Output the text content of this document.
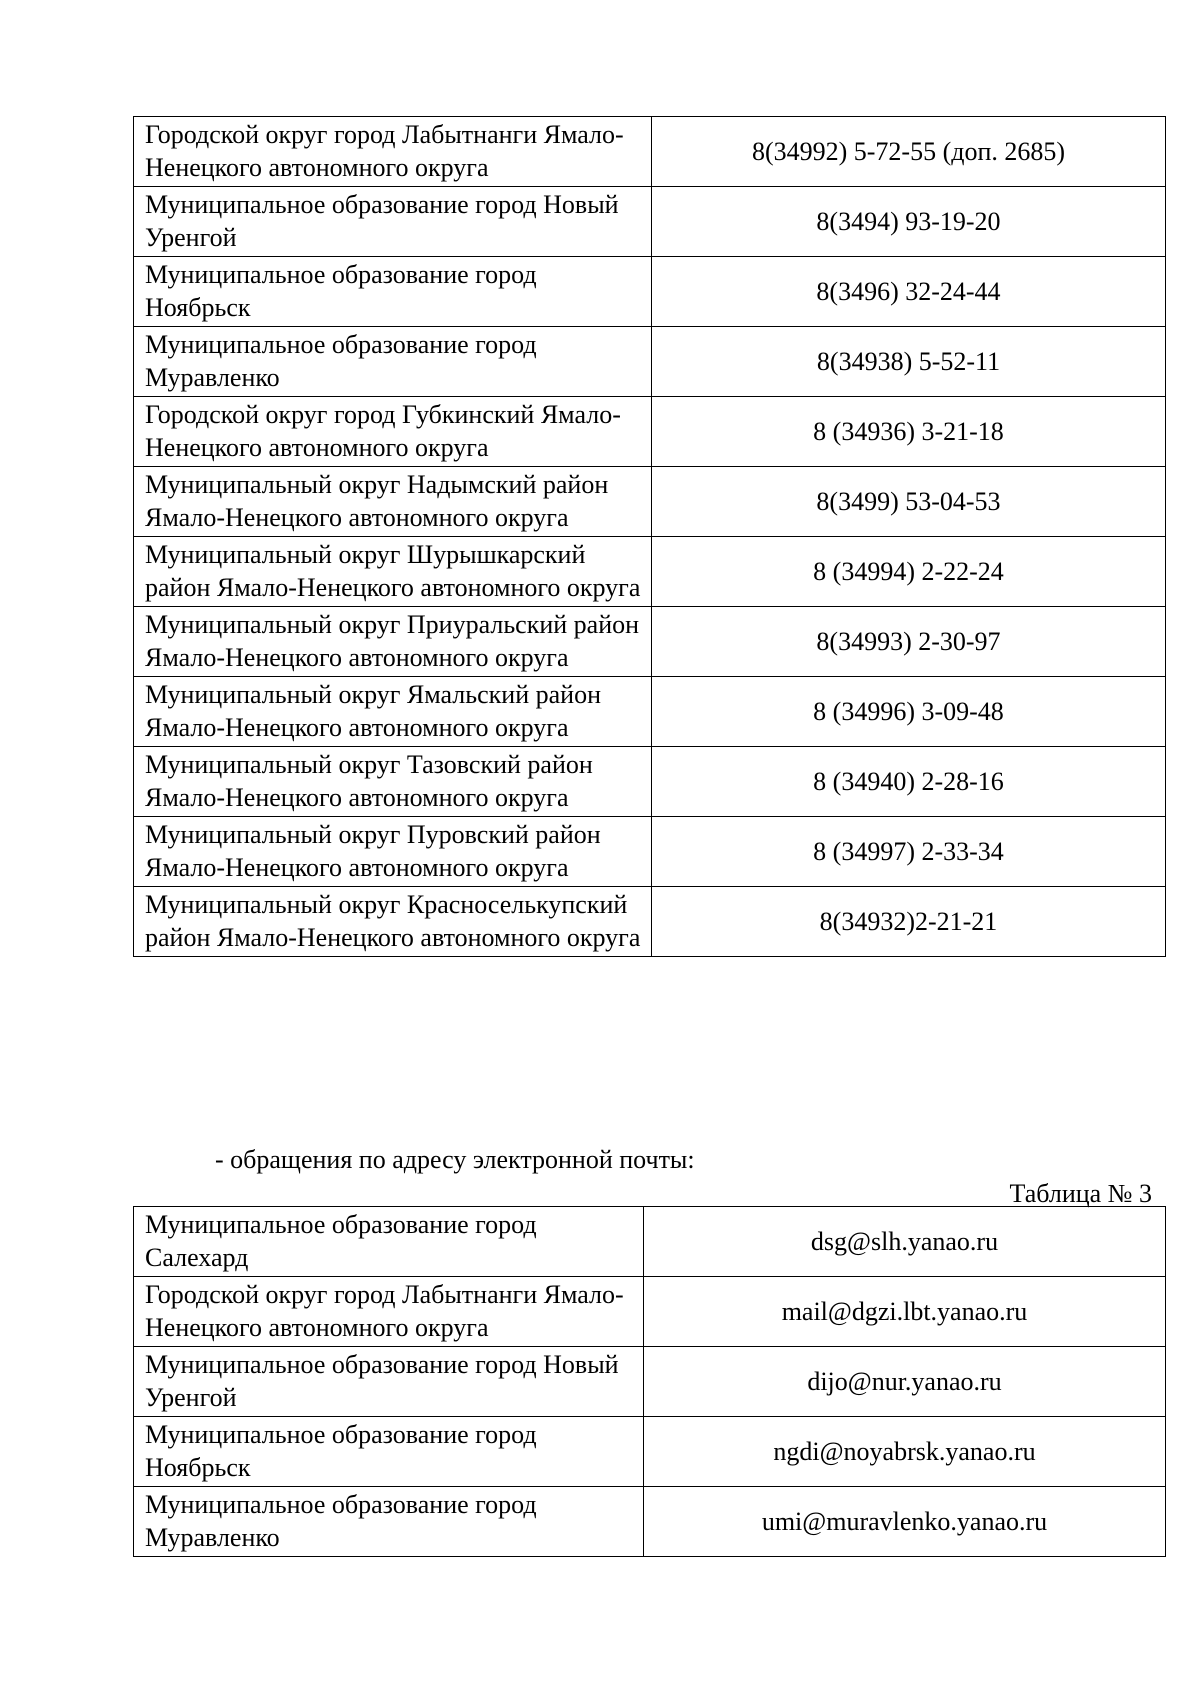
Городской округ город Лабытнанги Ямало-Ненецкого автономного округа	8(34992) 5-72-55 (доп. 2685)
Муниципальное образование город Новый Уренгой	8(3494) 93-19-20
Муниципальное образование город Ноябрьск	8(3496) 32-24-44
Муниципальное образование город Муравленко	8(34938) 5-52-11
Городской округ город Губкинский Ямало-Ненецкого автономного округа	8 (34936) 3-21-18
Муниципальный округ Надымский район Ямало-Ненецкого автономного округа	8(3499) 53-04-53
Муниципальный округ Шурышкарский район Ямало-Ненецкого автономного округа	8 (34994) 2-22-24
Муниципальный округ Приуральский район Ямало-Ненецкого автономного округа	8(34993) 2-30-97
Муниципальный округ Ямальский район Ямало-Ненецкого автономного округа	8 (34996) 3-09-48
Муниципальный округ Тазовский район Ямало-Ненецкого автономного округа	8 (34940) 2-28-16
Муниципальный округ Пуровский район Ямало-Ненецкого автономного округа	8 (34997) 2-33-34
Муниципальный округ Красноселькупский район Ямало-Ненецкого автономного округа	8(34932)2-21-21
- обращения по адресу электронной почты:
Таблица № 3
Муниципальное образование город Салехард	dsg@slh.yanao.ru
Городской округ город Лабытнанги Ямало-Ненецкого автономного округа	mail@dgzi.lbt.yanao.ru
Муниципальное образование город Новый Уренгой	dijo@nur.yanao.ru
Муниципальное образование город Ноябрьск	ngdi@noyabrsk.yanao.ru
Муниципальное образование город Муравленко	umi@muravlenko.yanao.ru
